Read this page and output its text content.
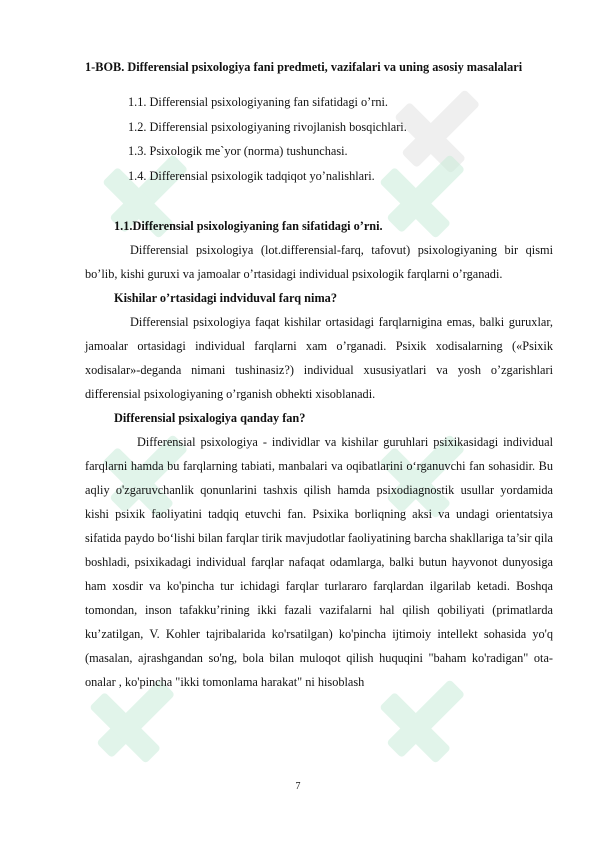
1-BOB. Differensial psixologiya fani predmeti, vazifalari va uning asosiy masalalari
1.1. Differensial psixologiyaning fan sifatidagi o’rni.
1.2. Differensial psixologiyaning rivojlanish bosqichlari.
1.3. Psixologik me`yor (norma) tushunchasi.
1.4. Differensial psixologik tadqiqot yo’nalishlari.
1.1.Differensial psixologiyaning fan sifatidagi o’rni.

Differensial psixologiya (lot.differensial-farq, tafovut) psixologiyaning bir qismi bo’lib, kishi guruxi va jamoalar o’rtasidagi individual psixologik farqlarni o’rganadi.

Kishilar o’rtasidagi indvіduval farq nima?

Differensial psixologiya faqat kishilar ortasidagi farqlarnigina emas, balki guruxlar, jamoalar ortasidagi individual farqlarni xam o’rganadi. Psixik xodisalarning («Psixik xodisalar»-deganda nimani tushinasiz?) individual xususiyatlari va yosh o’zgarishlari differensial psixologiyaning o’rganish obhekti xisoblanadi.

Differensial psixalogiya qanday fan?

Differensial psixologiya - individlar va kishilar guruhlari psixikasidagi individual farqlarni hamda bu farqlarning tabiati, manbalari va oqibatlarini o‘rganuvchi fan sohasidir. Bu aqliy o'zgaruvchanlik qonunlarini tashxis qilish hamda psixodiagnostik usullar yordamida kishi psixik faoliyatini tadqiq etuvchi fan. Psixika borliqning aksi va undagi orientatsiya sifatida paydo bo‘lishi bilan farqlar tirik mavjudotlar faoliyatining barcha shakllariga ta’sir qila boshladi, psixikadagi individual farqlar nafaqat odamlarga, balki butun hayvonot dunyosiga ham xosdir va ko'pincha tur ichidagi farqlar turlararo farqlardan ilgarilab ketadi. Boshqa tomondan, inson tafakku’rining ikki fazali vazifalarni hal qilish qobiliyati (primatlarda ku’zatilgan, V. Kohler tajribalarida ko'rsatilgan) ko'pincha ijtimoiy intellekt sohasida yo'q (masalan, ajrashgandan so'ng, bola bilan muloqot qilish huquqini "baham ko'radigan" ota-onalar , ko'pincha "ikki tomonlama harakat" ni hisoblash

7
